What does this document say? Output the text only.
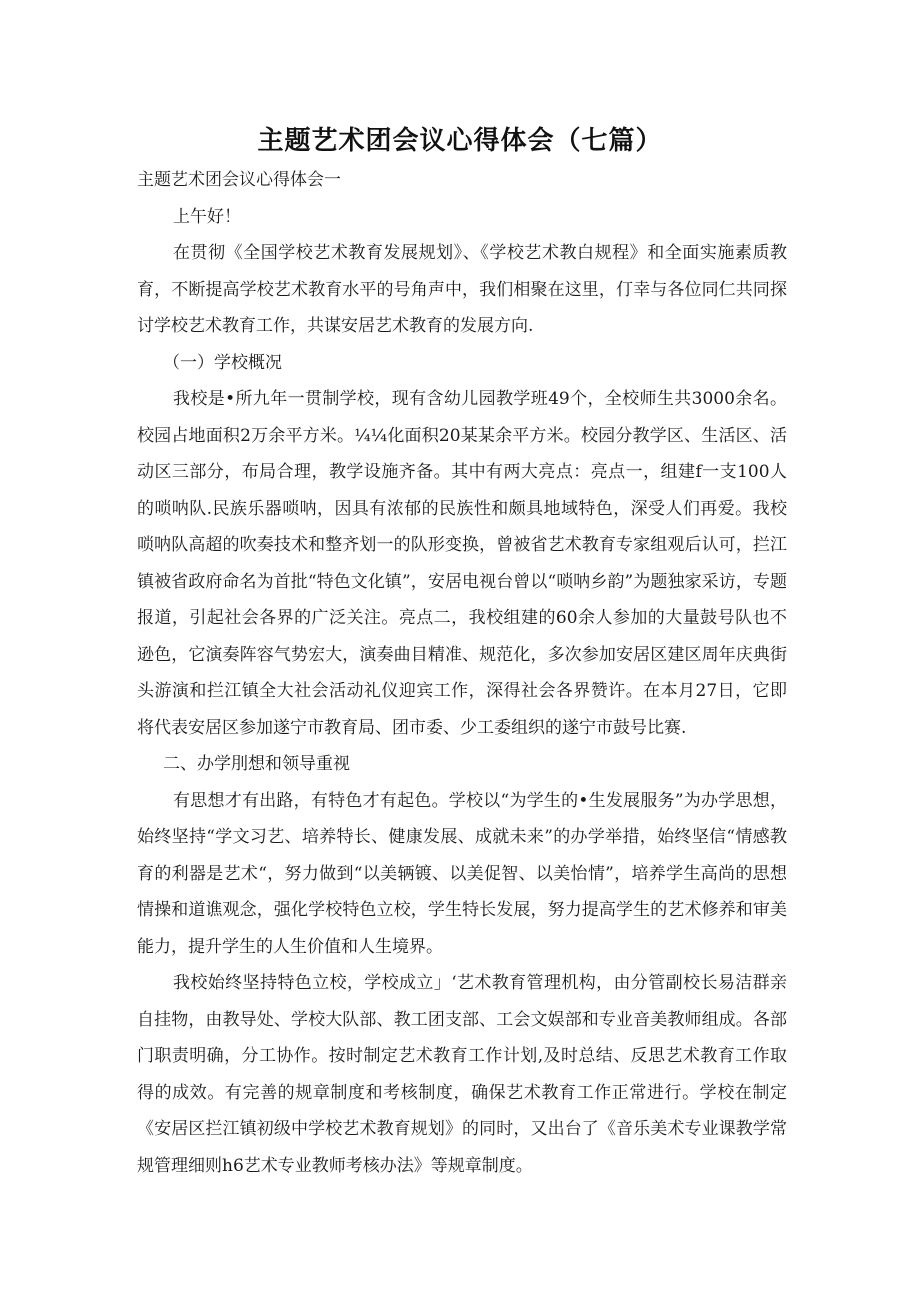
主题艺术团会议心得体会（七篇）

主题艺术团会议心得体会一

上午好！

在贯彻《全国学校艺术教育发展规划》、《学校艺术教白规程》和全面实施素质教育，不断提高学校艺术教育水平的号角声中，我们相聚在这里，仃幸与各位同仁共同探讨学校艺术教育工作，共谋安居艺术教育的发展方向.

（一）学校概况

我校是•所九年一贯制学校，现有含幼儿园教学班49个，全校师生共3000余名。校园占地面积2万余平方米。¼¼化面积20某某余平方米。校园分教学区、生活区、活动区三部分，布局合理，教学设施齐备。其中有两大亮点：亮点一，组建f一支100人的唢呐队.民族乐器唢呐，因具有浓郁的民族性和颇具地域特色，深受人们再爱。我校唢呐队高超的吹奏技术和整齐划一的队形变换，曾被省艺术教育专家组观后认可，拦江镇被省政府命名为首批“特色文化镇”，安居电视台曾以“唢呐乡韵”为题独家采访，专题报道，引起社会各界的广泛关注。亮点二，我校组建的60余人参加的大量鼓号队也不逊色，它演奏阵容气势宏大，演奏曲目精准、规范化，多次参加安居区建区周年庆典街头游演和拦江镇全大社会活动礼仪迎宾工作，深得社会各界赞许。在本月27日，它即将代表安居区参加遂宁市教育局、团市委、少工委组织的遂宁市鼓号比赛.

二、办学刖想和领导重视

有思想才有出路，有特色才有起色。学校以“为学生的•生发展服务”为办学思想，始终坚持“学文习艺、培养特长、健康发展、成就未来”的办学举措，始终坚信“情感教育的利器是艺术“，努力做到“以美辆镀、以美促智、以美怡情”，培养学生高尚的思想情操和道谯观念，强化学校特色立校，学生特长发展，努力提高学生的艺术修养和审美能力，提升学生的人生价值和人生境界。

我校始终坚持特色立校，学校成立」‘艺术教育管理机构，由分管副校长易洁群亲自挂物，由教导处、学校大队部、教工团支部、工会文娱部和专业音美教师组成。各部门职责明确，分工协作。按时制定艺术教育工作计划,及时总结、反思艺术教育工作取得的成效。有完善的规章制度和考核制度，确保艺术教育工作正常进行。学校在制定《安居区拦江镇初级中学校艺术教育规划》的同时，又出台了《音乐美术专业课教学常规管理细则h6艺术专业教师考核办法》等规章制度。
